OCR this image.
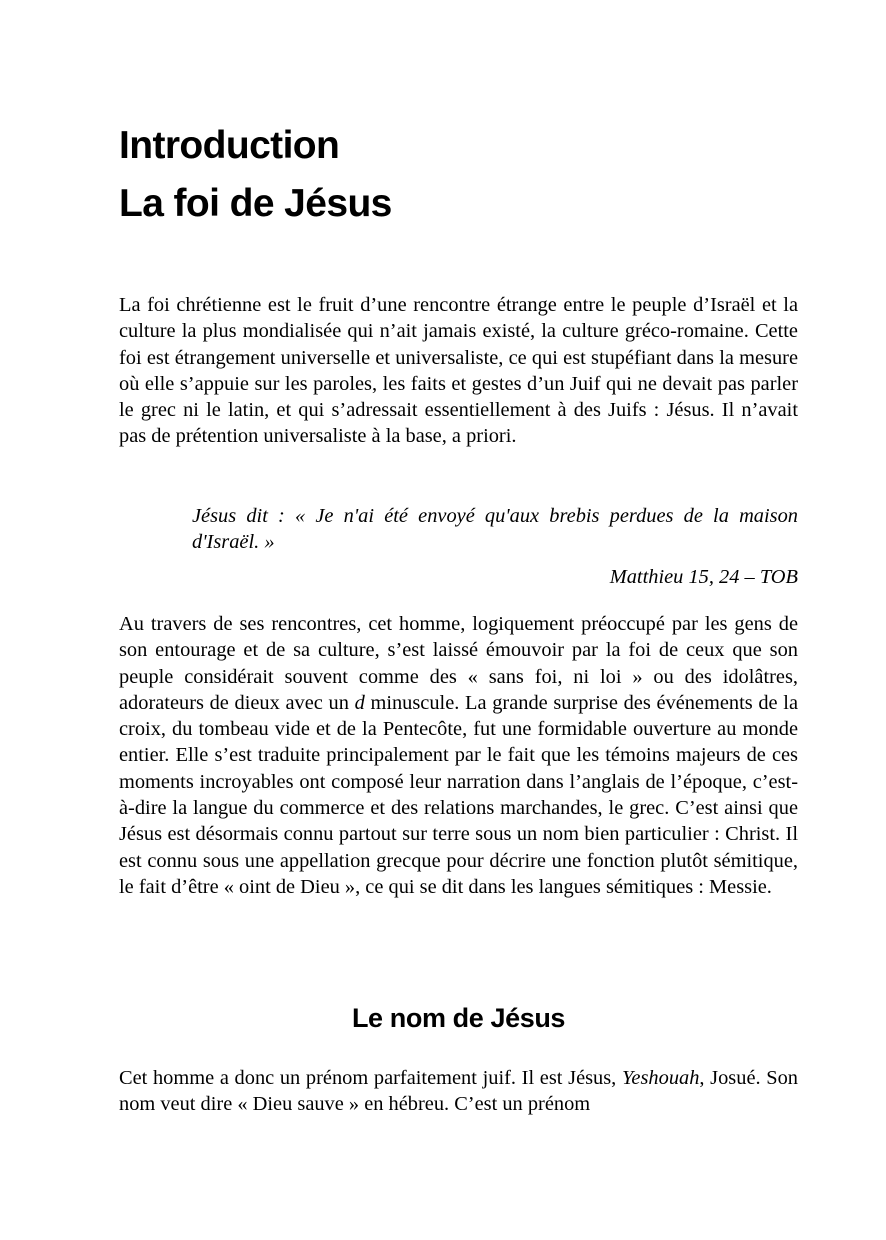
Introduction
La foi de Jésus

La foi chrétienne est le fruit d’une rencontre étrange entre le peuple d’Israël et la culture la plus mondialisée qui n’ait jamais existé, la culture gréco-romaine. Cette foi est étrangement universelle et universaliste, ce qui est stupéfiant dans la mesure où elle s’appuie sur les paroles, les faits et gestes d’un Juif qui ne devait pas parler le grec ni le latin, et qui s’adressait essentiellement à des Juifs : Jésus. Il n’avait pas de prétention universaliste à la base, a priori.

Jésus dit : « Je n'ai été envoyé qu'aux brebis perdues de la maison d'Israël. »
Matthieu 15, 24 – TOB

Au travers de ses rencontres, cet homme, logiquement préoccupé par les gens de son entourage et de sa culture, s’est laissé émouvoir par la foi de ceux que son peuple considérait souvent comme des « sans foi, ni loi » ou des idolâtres, adorateurs de dieux avec un d minuscule. La grande surprise des événements de la croix, du tombeau vide et de la Pentecôte, fut une formidable ouverture au monde entier. Elle s’est traduite principalement par le fait que les témoins majeurs de ces moments incroyables ont composé leur narration dans l’anglais de l’époque, c’est-à-dire la langue du commerce et des relations marchandes, le grec. C’est ainsi que Jésus est désormais connu partout sur terre sous un nom bien particulier : Christ. Il est connu sous une appellation grecque pour décrire une fonction plutôt sémitique, le fait d’être « oint de Dieu », ce qui se dit dans les langues sémitiques : Messie.

Le nom de Jésus

Cet homme a donc un prénom parfaitement juif. Il est Jésus, Yeshouah, Josué. Son nom veut dire « Dieu sauve » en hébreu. C’est un prénom
